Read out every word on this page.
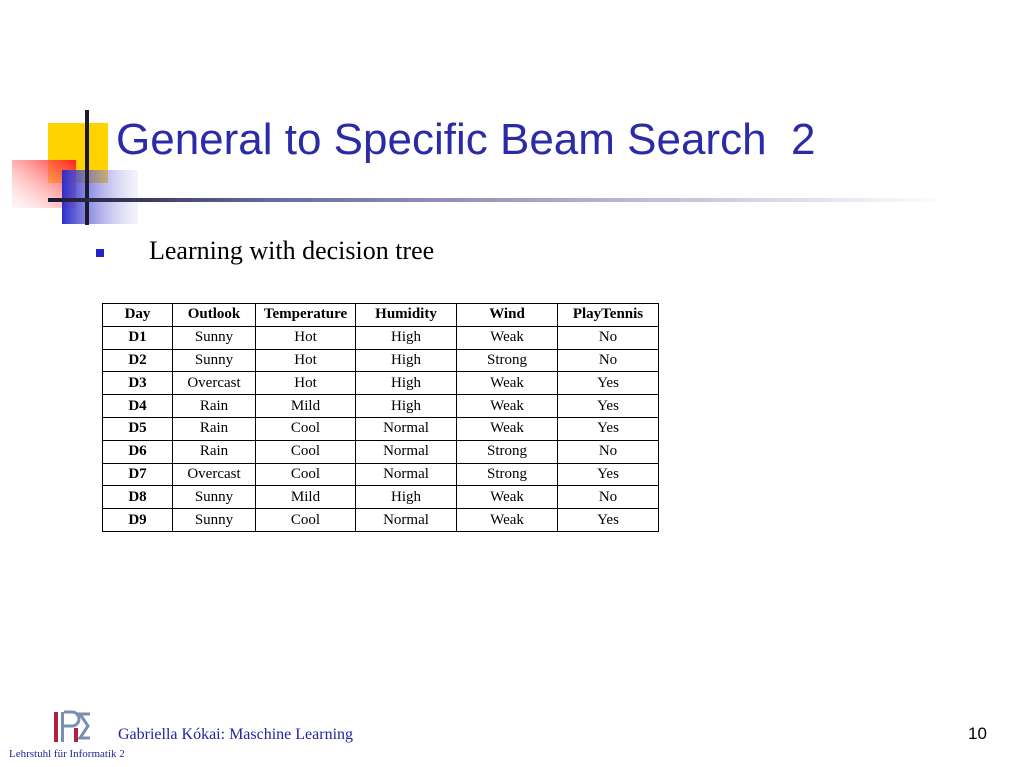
General to Specific Beam Search  2
Learning with decision tree
Day	Outlook	Temperature	Humidity	Wind	PlayTennis
D1	Sunny	Hot	High	Weak	No
D2	Sunny	Hot	High	Strong	No
D3	Overcast	Hot	High	Weak	Yes
D4	Rain	Mild	High	Weak	Yes
D5	Rain	Cool	Normal	Weak	Yes
D6	Rain	Cool	Normal	Strong	No
D7	Overcast	Cool	Normal	Strong	Yes
D8	Sunny	Mild	High	Weak	No
D9	Sunny	Cool	Normal	Weak	Yes
Gabriella Kókai: Maschine Learning
Lehrstuhl für Informatik 2
10
